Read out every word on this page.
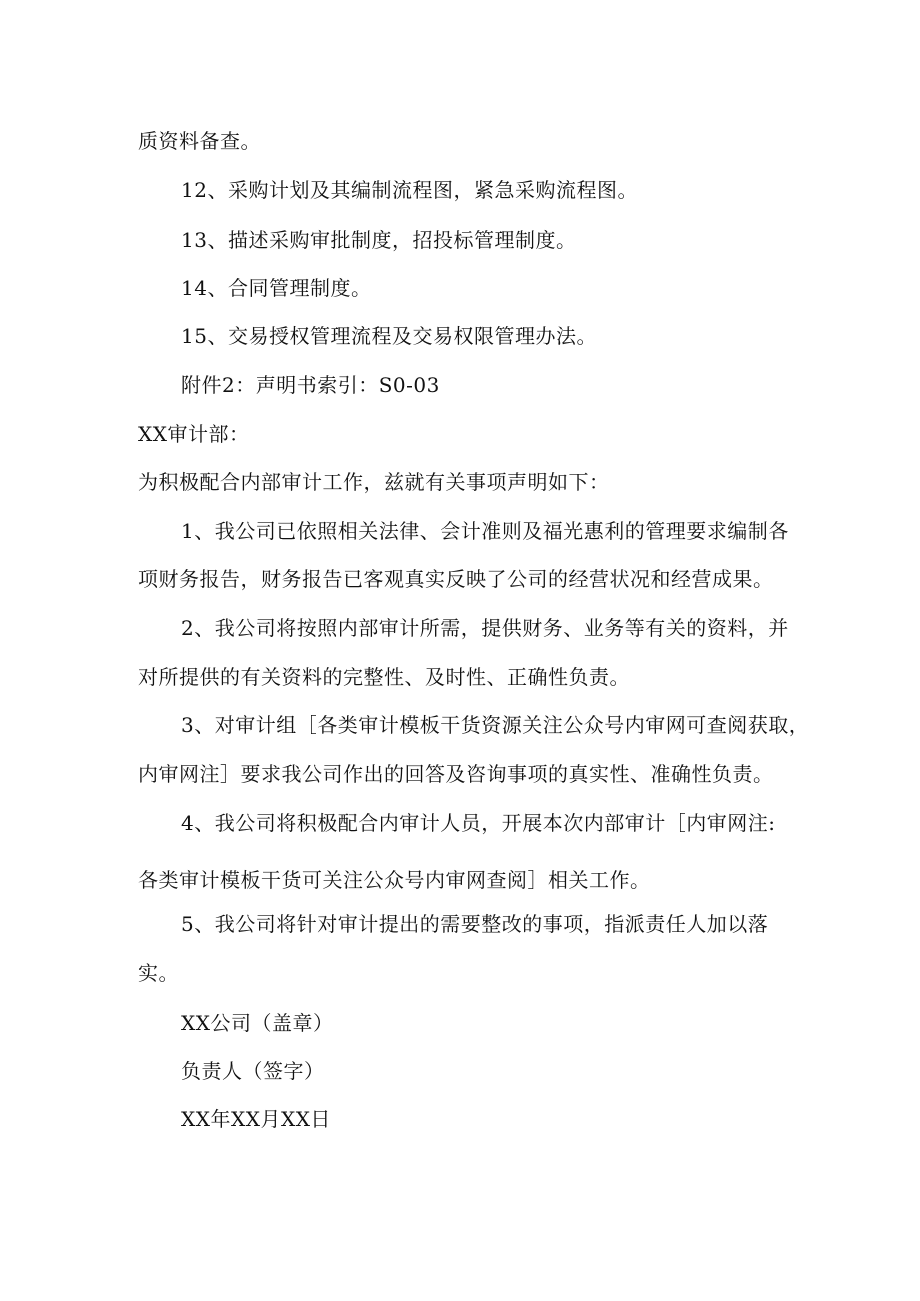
质资料备查。
12、采购计划及其编制流程图，紧急采购流程图。
13、描述采购审批制度，招投标管理制度。
14、合同管理制度。
15、交易授权管理流程及交易权限管理办法。
附件2：声明书索引：S0-03
XX审计部：
为积极配合内部审计工作，兹就有关事项声明如下：
1、我公司已依照相关法律、会计准则及福光惠利的管理要求编制各
项财务报告，财务报告已客观真实反映了公司的经营状况和经营成果。
2、我公司将按照内部审计所需，提供财务、业务等有关的资料，并
对所提供的有关资料的完整性、及时性、正确性负责。
3、对审计组［各类审计模板干货资源关注公众号内审网可查阅获取，
内审网注］要求我公司作出的回答及咨询事项的真实性、准确性负责。
4、我公司将积极配合内审计人员，开展本次内部审计［内审网注:
各类审计模板干货可关注公众号内审网查阅］相关工作。
5、我公司将针对审计提出的需要整改的事项，指派责任人加以落
实。
XX公司（盖章）
负责人（签字）
XX年XX月XX日
